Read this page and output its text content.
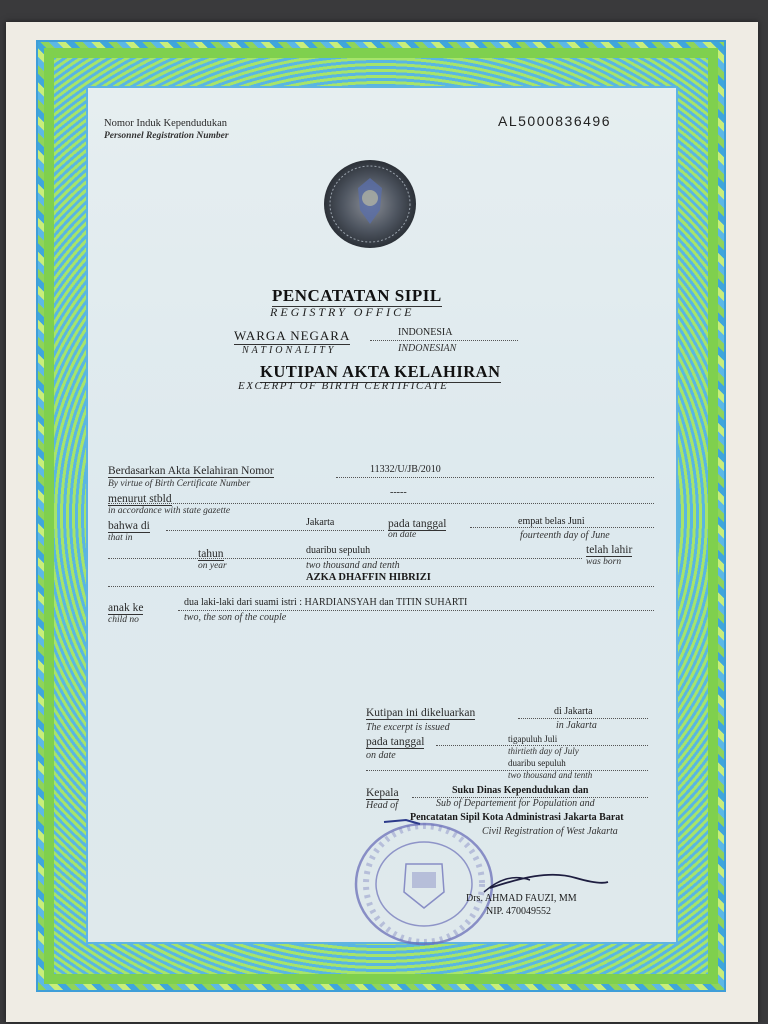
Nomor Induk Kependudukan
Personnel Registration Number
AL5000836496
PENCATATAN SIPIL
REGISTRY OFFICE
WARGA NEGARA
NATIONALITY
INDONESIA
INDONESIAN
KUTIPAN AKTA KELAHIRAN
EXCERPT OF BIRTH CERTIFICATE
Berdasarkan Akta Kelahiran Nomor
By virtue of Birth Certificate Number
11332/U/JB/2010
menurut stbld
in accordance with state gazette
-----
bahwa di
that in
Jakarta	pada tanggal
on date
empat belas Juni
fourteenth day of June
tahun
on year
duaribu sepuluh
two thousand and tenth
telah lahir
was born
AZKA DHAFFIN HIBRIZI
anak ke
child no
dua laki-laki dari suami istri : HARDIANSYAH dan TITIN SUHARTI
two, the son of the couple
Kutipan ini dikeluarkan
The excerpt is issued
di Jakarta
in Jakarta
pada tanggal
on date
tigapuluh Juli
thirtieth day of July
duaribu sepuluh
two thousand and tenth
Kepala
Head of
Suku Dinas Kependudukan dan
Sub of Departement for Population and
Pencatatan Sipil Kota Administrasi Jakarta Barat
Civil Registration of West Jakarta
Drs. AHMAD FAUZI, MM
NIP. 470049552
